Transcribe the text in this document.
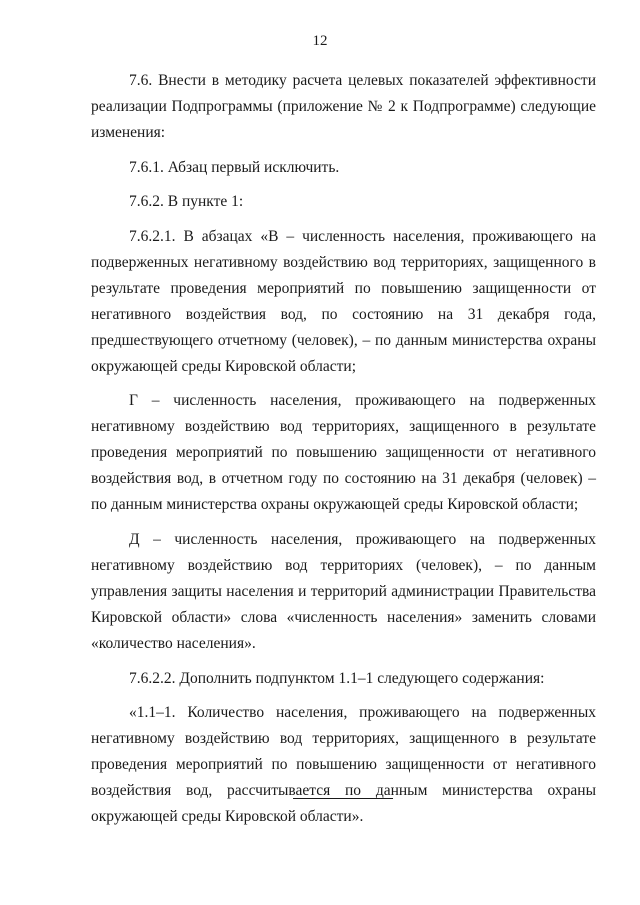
12

7.6. Внести в методику расчета целевых показателей эффективности реализации Подпрограммы (приложение № 2 к Подпрограмме) следующие изменения:

7.6.1. Абзац первый исключить.

7.6.2. В пункте 1:

7.6.2.1. В абзацах «В – численность населения, проживающего на подверженных негативному воздействию вод территориях, защищенного в результате проведения мероприятий по повышению защищенности от негативного воздействия вод, по состоянию на 31 декабря года, предшествующего отчетному (человек), – по данным министерства охраны окружающей среды Кировской области;

Г – численность населения, проживающего на подверженных негативному воздействию вод территориях, защищенного в результате проведения мероприятий по повышению защищенности от негативного воздействия вод, в отчетном году по состоянию на 31 декабря (человек) – по данным министерства охраны окружающей среды Кировской области;

Д – численность населения, проживающего на подверженных негативному воздействию вод территориях (человек), – по данным управления защиты населения и территорий администрации Правительства Кировской области» слова «численность населения» заменить словами «количество населения».

7.6.2.2. Дополнить подпунктом 1.1–1 следующего содержания:

«1.1–1. Количество населения, проживающего на подверженных негативному воздействию вод территориях, защищенного в результате проведения мероприятий по повышению защищенности от негативного воздействия вод, рассчитывается по данным министерства охраны окружающей среды Кировской области».
